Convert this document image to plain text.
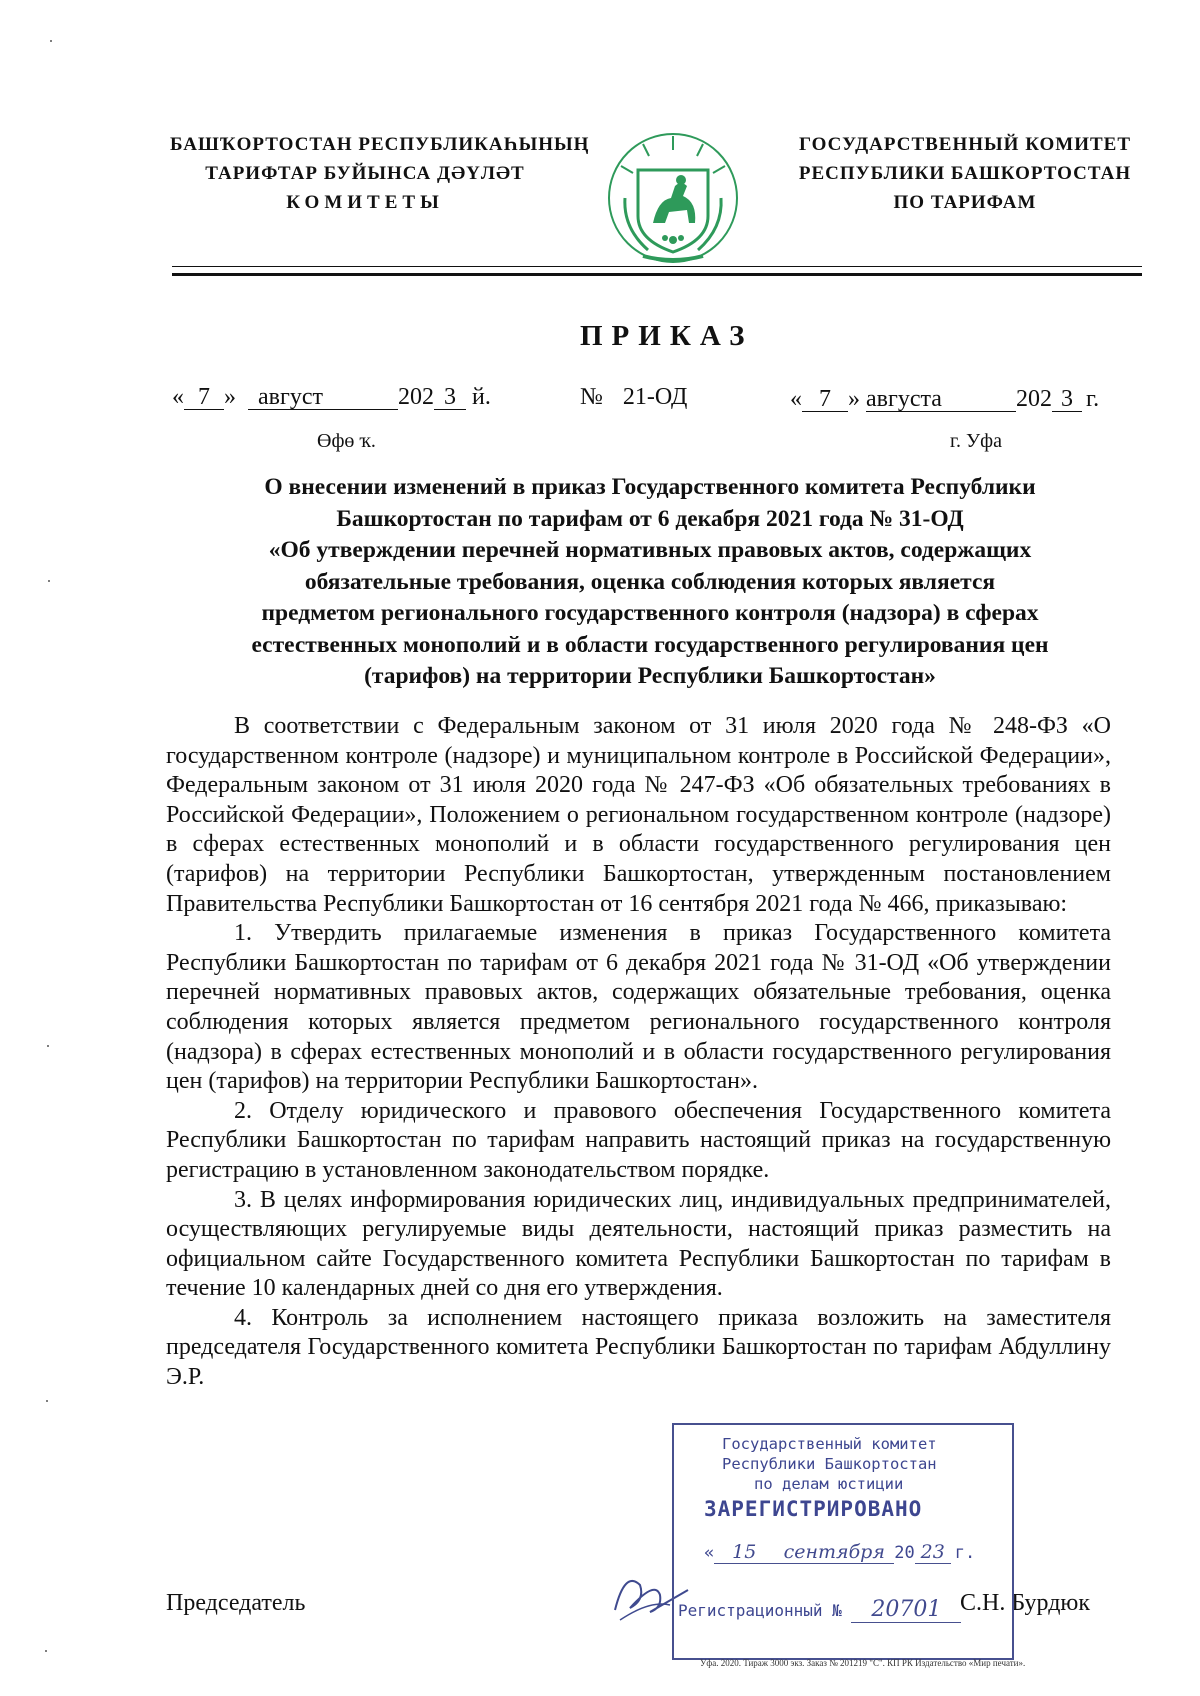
БАШҠОРТОСТАН РЕСПУБЛИКАҺЫНЫҢ
ТАРИФТАР БУЙЫНСА ДӘҮЛӘТ
КОМИТЕТЫ
ГОСУДАРСТВЕННЫЙ КОМИТЕТ
РЕСПУБЛИКИ БАШКОРТОСТАН
ПО ТАРИФАМ
ПРИКАЗ
« 7 » август	202 3 й.	№ 21-ОД	« 7 » августа	202 3 г.
Өфө ҡ.	г. Уфа
О внесении изменений в приказ Государственного комитета Республики
Башкортостан по тарифам от 6 декабря 2021 года № 31-ОД
«Об утверждении перечней нормативных правовых актов, содержащих
обязательные требования, оценка соблюдения которых является
предметом регионального государственного контроля (надзора) в сферах
естественных монополий и в области государственного регулирования цен
(тарифов) на территории Республики Башкортостан»

В соответствии с Федеральным законом от 31 июля 2020 года № 248-ФЗ «О государственном контроле (надзоре) и муниципальном контроле в Российской Федерации», Федеральным законом от 31 июля 2020 года № 247-ФЗ «Об обязательных требованиях в Российской Федерации», Положением о региональном государственном контроле (надзоре) в сферах естественных монополий и в области государственного регулирования цен (тарифов) на территории Республики Башкортостан, утвержденным постановлением Правительства Республики Башкортостан от 16 сентября 2021 года № 466, приказываю:

1. Утвердить прилагаемые изменения в приказ Государственного комитета Республики Башкортостан по тарифам от 6 декабря 2021 года № 31-ОД «Об утверждении перечней нормативных правовых актов, содержащих обязательные требования, оценка соблюдения которых является предметом регионального государственного контроля (надзора) в сферах естественных монополий и в области государственного регулирования цен (тарифов) на территории Республики Башкортостан».

2. Отделу юридического и правового обеспечения Государственного комитета Республики Башкортостан по тарифам направить настоящий приказ на государственную регистрацию в установленном законодательством порядке.

3. В целях информирования юридических лиц, индивидуальных предпринимателей, осуществляющих регулируемые виды деятельности, настоящий приказ разместить на официальном сайте Государственного комитета Республики Башкортостан по тарифам в течение 10 календарных дней со дня его утверждения.

4. Контроль за исполнением настоящего приказа возложить на заместителя председателя Государственного комитета Республики Башкортостан по тарифам Абдуллину Э.Р.

Председатель	С.Н. Бурдюк
Государственный комитет
Республики Башкортостан
по делам юстиции
ЗАРЕГИСТРИРОВАНО
« 15 сентября 20 23 г.
Регистрационный № 20701
Уфа. 2020. Тираж 3000 экз. Заказ № 201219 "С". КП РК Издательство «Мир печати».
